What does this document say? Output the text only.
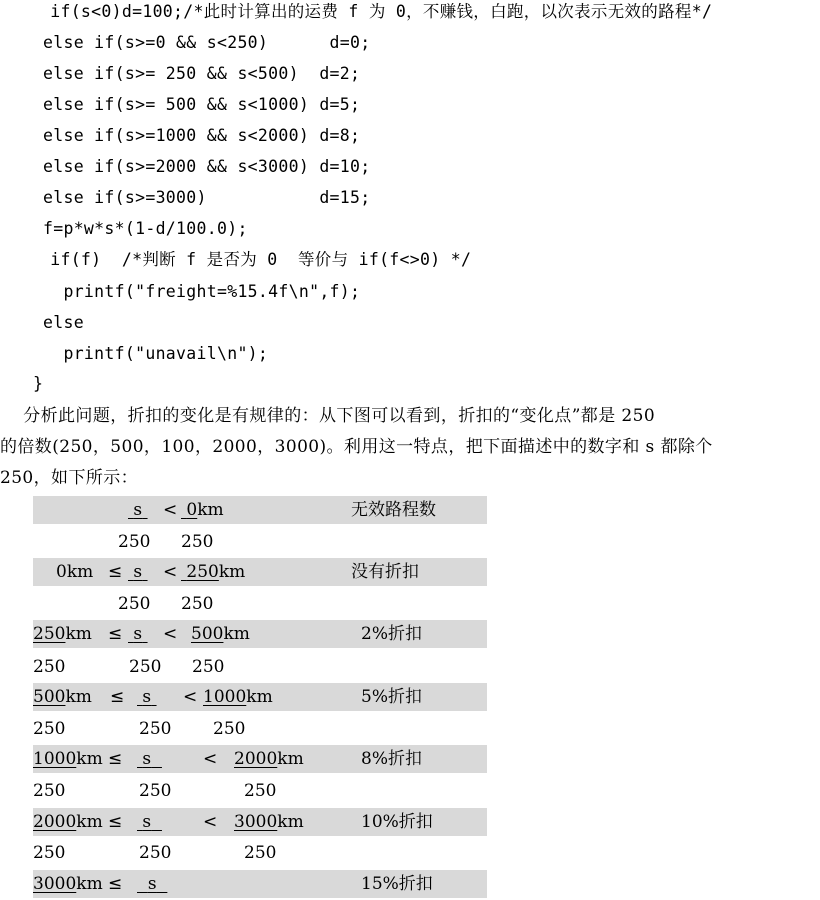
if(s<0)d=100;/*此时计算出的运费 f 为 0，不赚钱，白跑，以次表示无效的路程*/
else if(s>=0 && s<250)      d=0;
else if(s>= 250 && s<500)  d=2;
else if(s>= 500 && s<1000) d=5;
else if(s>=1000 && s<2000) d=8;
else if(s>=2000 && s<3000) d=10;
else if(s>=3000)           d=15;
f=p*w*s*(1-d/100.0);
if(f)  /*判断 f 是否为 0  等价与 if(f<>0) */
printf("freight=%15.4f\n",f);
else
printf("unavail\n");
}
分析此问题，折扣的变化是有规律的：从下图可以看到，折扣的“变化点”都是 250
的倍数(250，500，100，2000，3000)。利用这一特点，把下面描述中的数字和 s 都除个
250，如下所示：
s	< 0km	无效路程数
250 250
0km ≤ s	< 250km	没有折扣
250 250
250km ≤ s	< 500km	2%折扣
250	250 250
500km ≤	s	< 1000km	5%折扣
250	250 250
1000km ≤	s	< 2000km	8%折扣
250	250	250
2000km ≤	s	< 3000km	10%折扣
250	250	250
3000km ≤	s	15%折扣
